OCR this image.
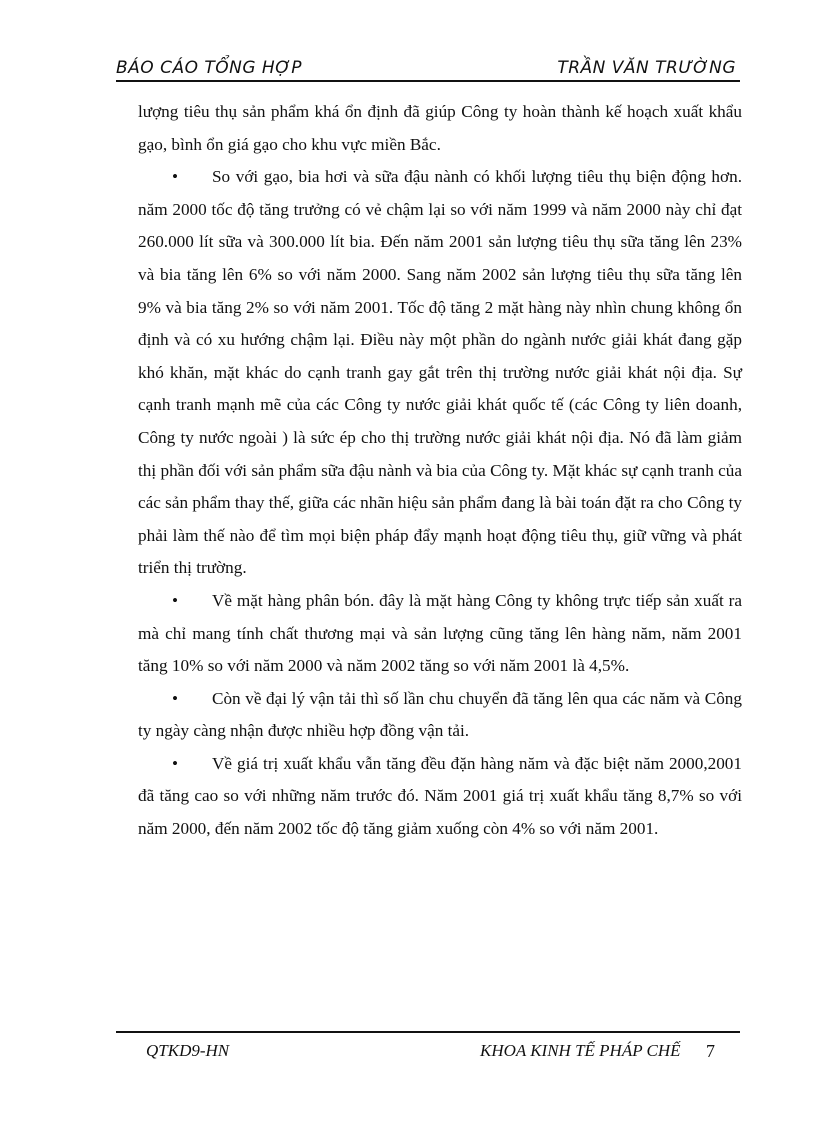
BÁO CÁO TỔNG HỢP	TRẦN VĂN TRƯỜNG

lượng tiêu thụ sản phẩm khá ổn định đã giúp Công ty hoàn thành kế hoạch xuất khẩu gạo, bình ổn giá gạo cho khu vực miền Bắc.

• So với gạo, bia hơi và sữa đậu nành có khối lượng tiêu thụ biện động hơn. năm 2000 tốc độ tăng trưởng có vẻ chậm lại so với năm 1999 và năm 2000 này chỉ đạt 260.000 lít sữa và 300.000 lít bia. Đến năm 2001 sản lượng tiêu thụ sữa tăng lên 23% và bia tăng lên 6% so với năm 2000. Sang năm 2002 sản lượng tiêu thụ sữa tăng lên 9% và bia tăng 2% so với năm 2001. Tốc độ tăng 2 mặt hàng này nhìn chung không ổn định và có xu hướng chậm lại. Điều này một phần do ngành nước giải khát đang gặp khó khăn, mặt khác do cạnh tranh gay gắt trên thị trường nước giải khát nội địa. Sự cạnh tranh mạnh mẽ của các Công ty nước giải khát quốc tế (các Công ty liên doanh, Công ty nước ngoài ) là sức ép cho thị trường nước giải khát nội địa. Nó đã làm giảm thị phần đối với sản phẩm sữa đậu nành và bia của Công ty. Mặt khác sự cạnh tranh của các sản phẩm thay thế, giữa các nhãn hiệu sản phẩm đang là bài toán đặt ra cho Công ty phải làm thế nào để tìm mọi biện pháp đẩy mạnh hoạt động tiêu thụ, giữ vững và phát triển thị trường.

• Về mặt hàng phân bón. đây là mặt hàng Công ty không trực tiếp sản xuất ra mà chỉ mang tính chất thương mại và sản lượng cũng tăng lên hàng năm, năm 2001 tăng 10% so với năm 2000 và năm 2002 tăng so với năm 2001 là 4,5%.

• Còn về đại lý vận tải thì số lần chu chuyển đã tăng lên qua các năm và Công ty ngày càng nhận được nhiều hợp đồng vận tải.

• Về giá trị xuất khẩu vẫn tăng đều đặn hàng năm và đặc biệt năm 2000,2001 đã tăng cao so với những năm trước đó. Năm 2001 giá trị xuất khẩu tăng 8,7% so với năm 2000, đến năm 2002 tốc độ tăng giảm xuống còn 4% so với năm 2001.

QTKD9-HN	KHOA KINH TẾ PHÁP CHẾ 7
